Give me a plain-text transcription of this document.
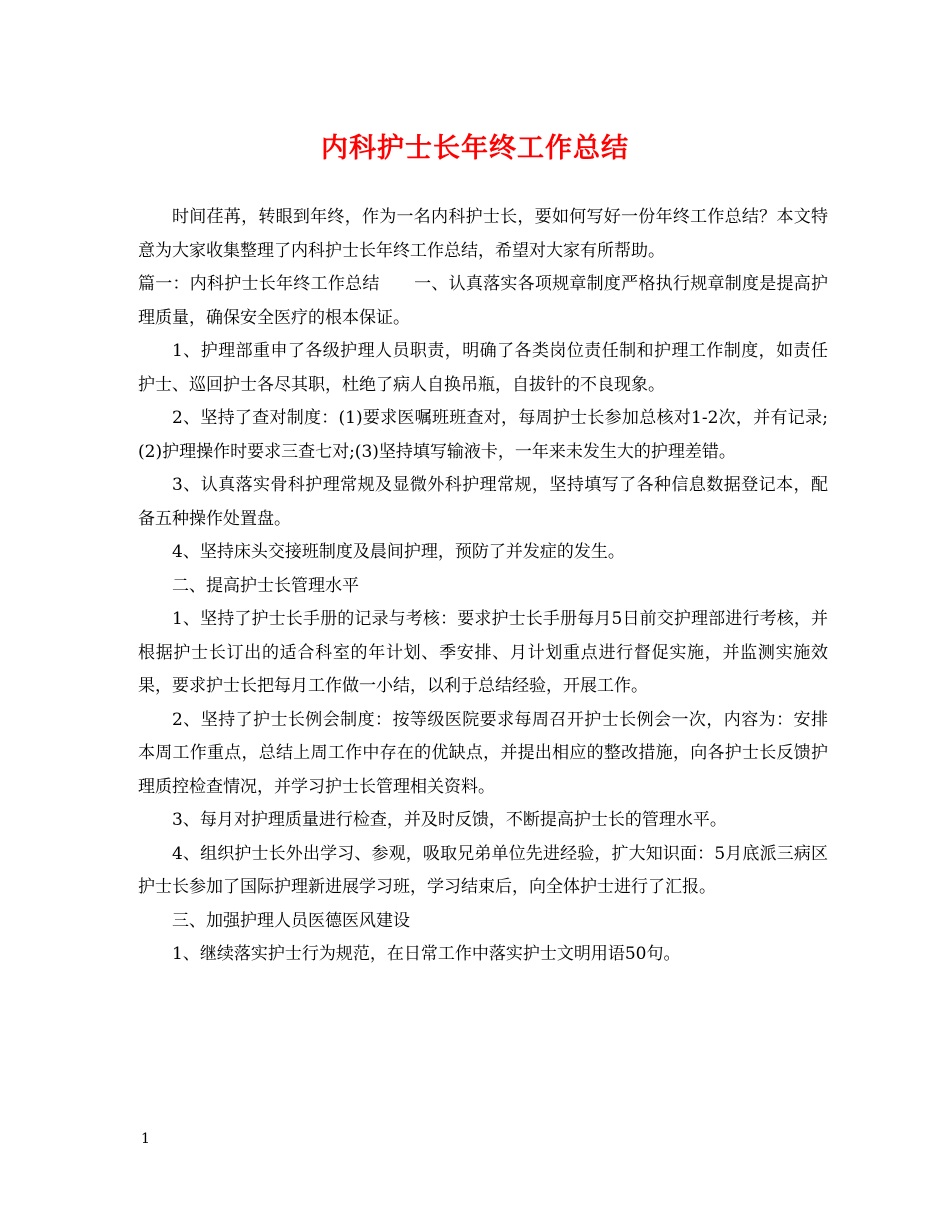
内科护士长年终工作总结

时间荏苒，转眼到年终，作为一名内科护士长，要如何写好一份年终工作总结？本文特意为大家收集整理了内科护士长年终工作总结，希望对大家有所帮助。

篇一：内科护士长年终工作总结　　一、认真落实各项规章制度严格执行规章制度是提高护理质量，确保安全医疗的根本保证。

1、护理部重申了各级护理人员职责，明确了各类岗位责任制和护理工作制度，如责任护士、巡回护士各尽其职，杜绝了病人自换吊瓶，自拔针的不良现象。

2、坚持了查对制度：(1)要求医嘱班班查对，每周护士长参加总核对1-2次，并有记录;(2)护理操作时要求三查七对;(3)坚持填写输液卡，一年来未发生大的护理差错。

3、认真落实骨科护理常规及显微外科护理常规，坚持填写了各种信息数据登记本，配备五种操作处置盘。

4、坚持床头交接班制度及晨间护理，预防了并发症的发生。

二、提高护士长管理水平

1、坚持了护士长手册的记录与考核：要求护士长手册每月5日前交护理部进行考核，并根据护士长订出的适合科室的年计划、季安排、月计划重点进行督促实施，并监测实施效果，要求护士长把每月工作做一小结，以利于总结经验，开展工作。

2、坚持了护士长例会制度：按等级医院要求每周召开护士长例会一次，内容为：安排本周工作重点，总结上周工作中存在的优缺点，并提出相应的整改措施，向各护士长反馈护理质控检查情况，并学习护士长管理相关资料。

3、每月对护理质量进行检查，并及时反馈，不断提高护士长的管理水平。

4、组织护士长外出学习、参观，吸取兄弟单位先进经验，扩大知识面：5月底派三病区护士长参加了国际护理新进展学习班，学习结束后，向全体护士进行了汇报。

三、加强护理人员医德医风建设

1、继续落实护士行为规范，在日常工作中落实护士文明用语50句。

1
